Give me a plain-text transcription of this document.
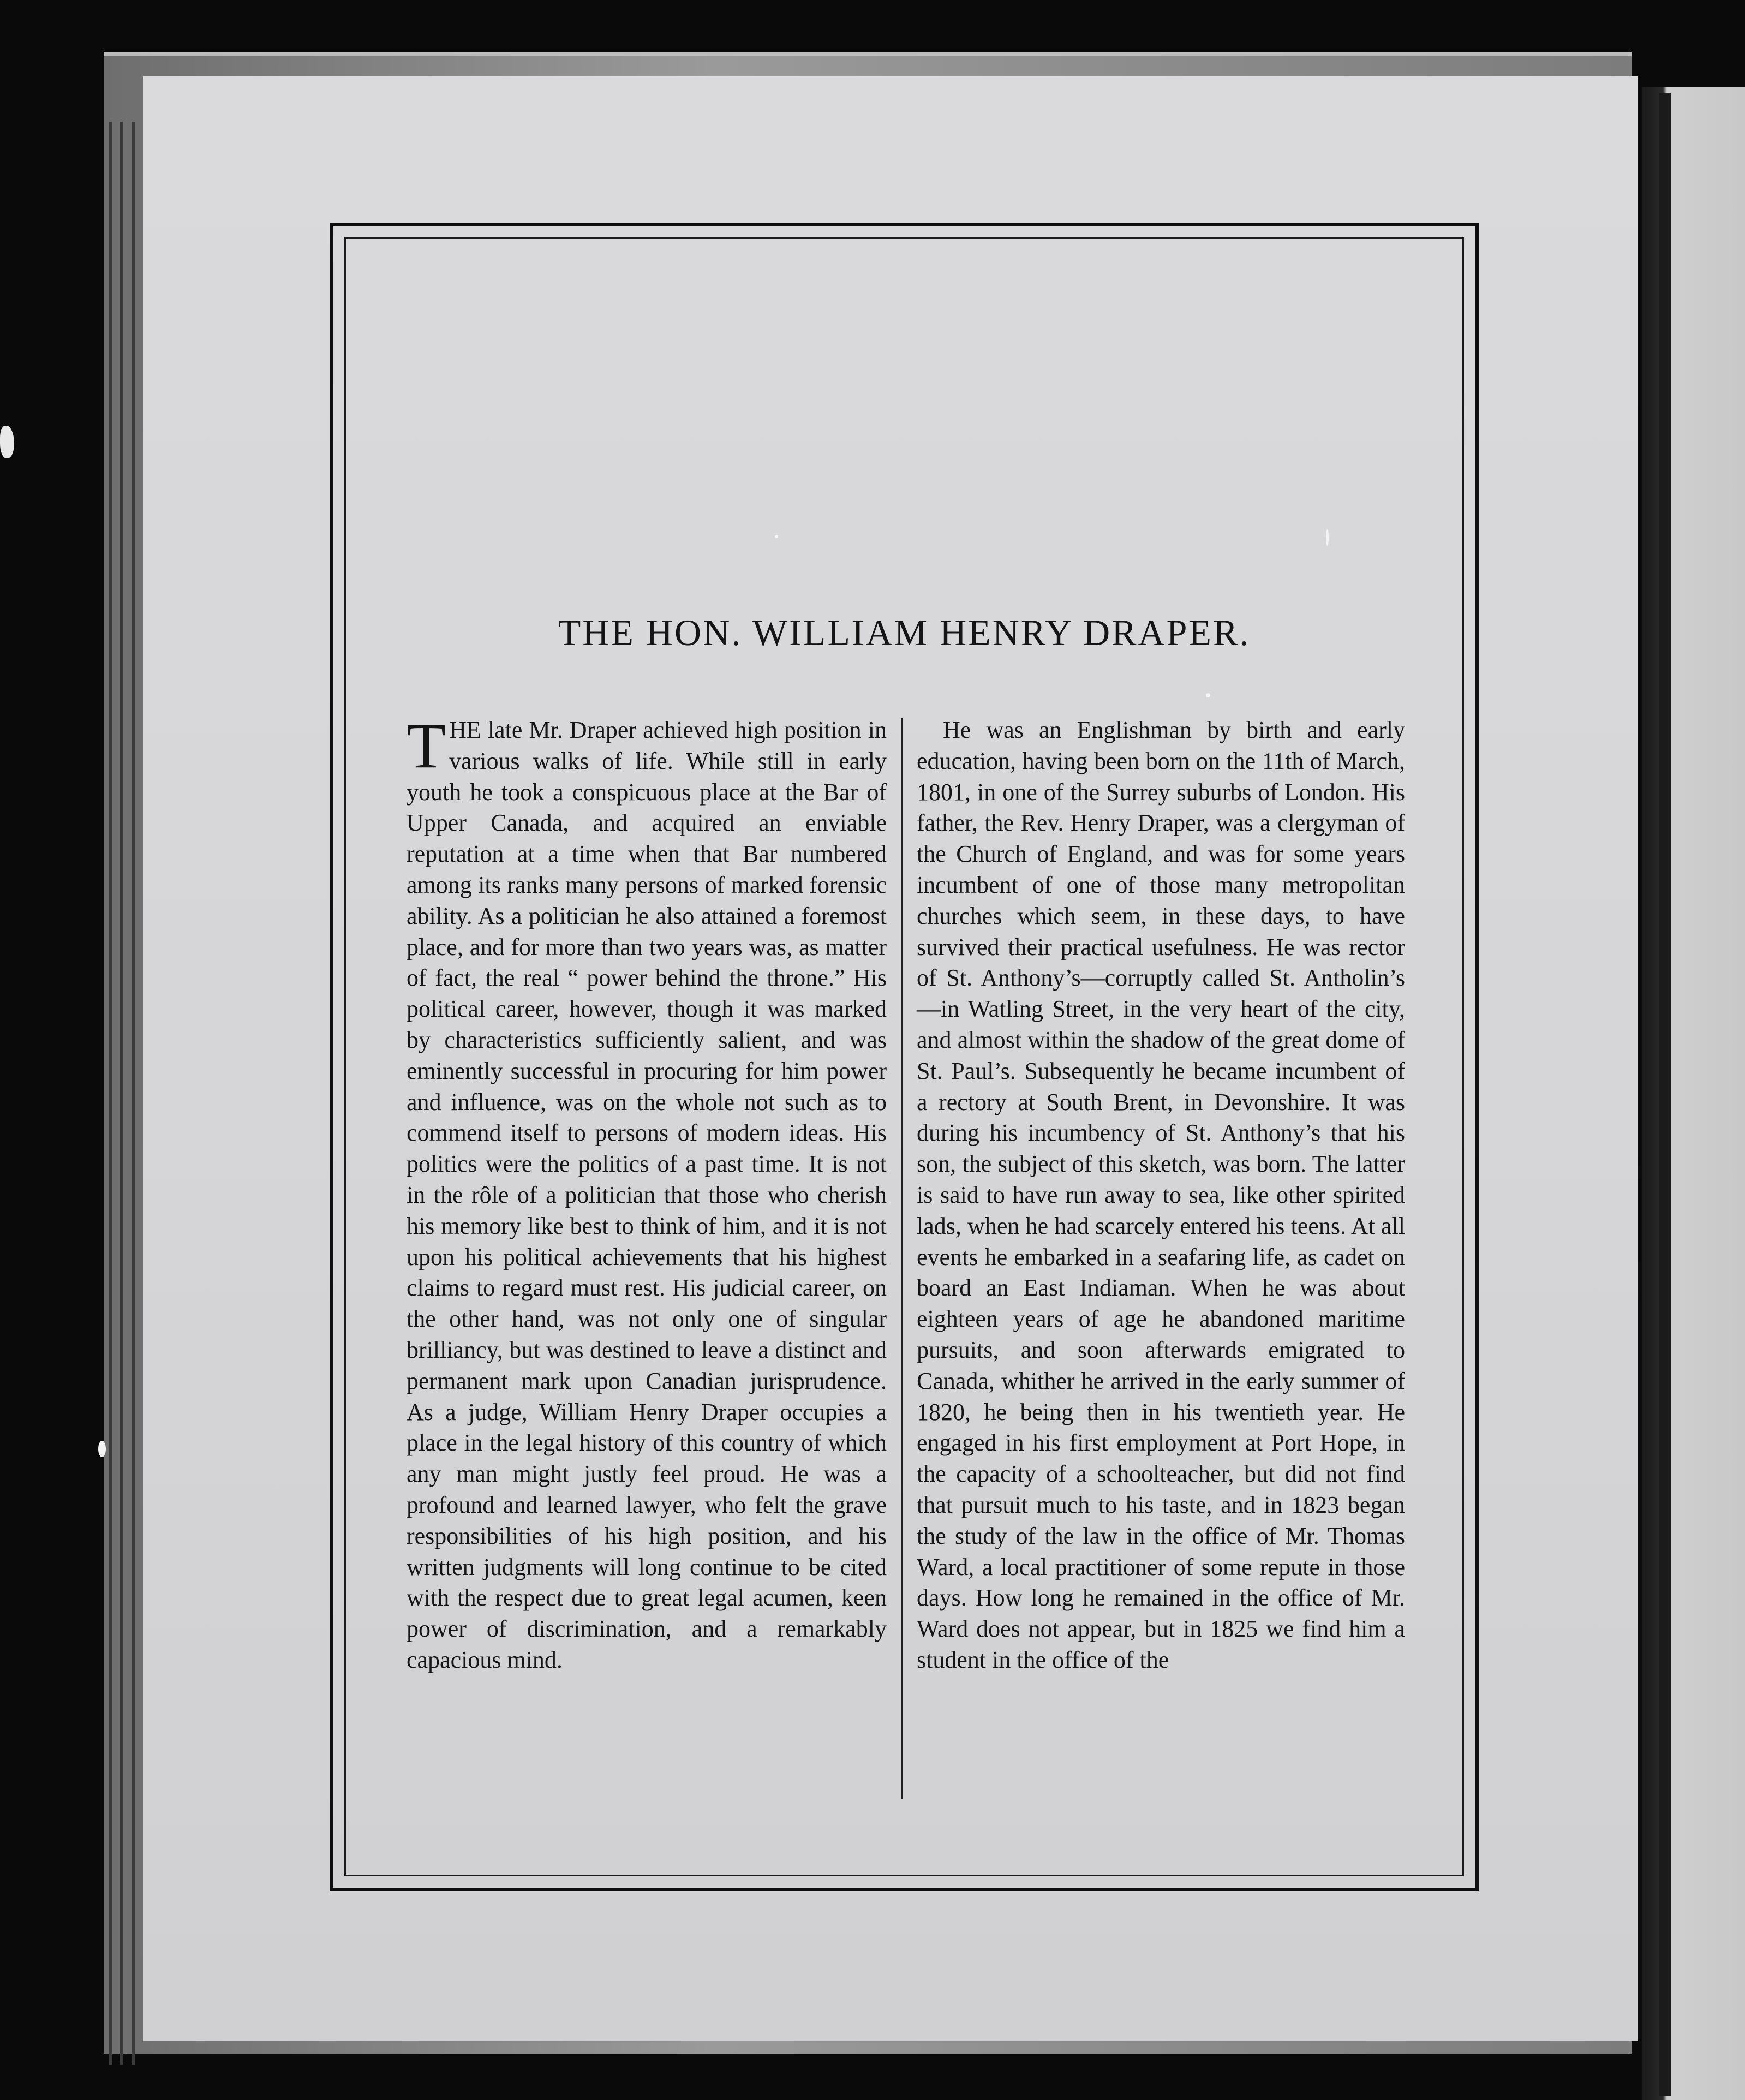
THE HON. WILLIAM HENRY DRAPER.

THE late Mr. Draper achieved high position in various walks of life. While still in early youth he took a conspicuous place at the Bar of Upper Canada, and acquired an enviable reputation at a time when that Bar numbered among its ranks many persons of marked forensic ability. As a politician he also attained a foremost place, and for more than two years was, as matter of fact, the real “ power behind the throne.” His political career, however, though it was marked by characteristics sufficiently salient, and was eminently successful in procuring for him power and influence, was on the whole not such as to commend itself to persons of modern ideas. His politics were the politics of a past time. It is not in the rôle of a politician that those who cherish his memory like best to think of him, and it is not upon his political achievements that his highest claims to regard must rest. His judicial career, on the other hand, was not only one of singular brilliancy, but was destined to leave a distinct and permanent mark upon Canadian jurisprudence. As a judge, William Henry Draper occupies a place in the legal history of this country of which any man might justly feel proud. He was a profound and learned lawyer, who felt the grave responsibilities of his high position, and his written judgments will long continue to be cited with the respect due to great legal acumen, keen power of discrimination, and a remarkably capacious mind.

He was an Englishman by birth and early education, having been born on the 11th of March, 1801, in one of the Surrey suburbs of London. His father, the Rev. Henry Draper, was a clergyman of the Church of England, and was for some years incumbent of one of those many metropolitan churches which seem, in these days, to have survived their practical usefulness. He was rector of St. Anthony’s—corruptly called St. Antholin’s —in Watling Street, in the very heart of the city, and almost within the shadow of the great dome of St. Paul’s. Subsequently he became incumbent of a rectory at South Brent, in Devonshire. It was during his incumbency of St. Anthony’s that his son, the subject of this sketch, was born. The latter is said to have run away to sea, like other spirited lads, when he had scarcely entered his teens. At all events he embarked in a seafaring life, as cadet on board an East Indiaman. When he was about eighteen years of age he abandoned maritime pursuits, and soon afterwards emigrated to Canada, whither he arrived in the early summer of 1820, he being then in his twentieth year. He engaged in his first employment at Port Hope, in the capacity of a schoolteacher, but did not find that pursuit much to his taste, and in 1823 began the study of the law in the office of Mr. Thomas Ward, a local practitioner of some repute in those days. How long he remained in the office of Mr. Ward does not appear, but in 1825 we find him a student in the office of the
